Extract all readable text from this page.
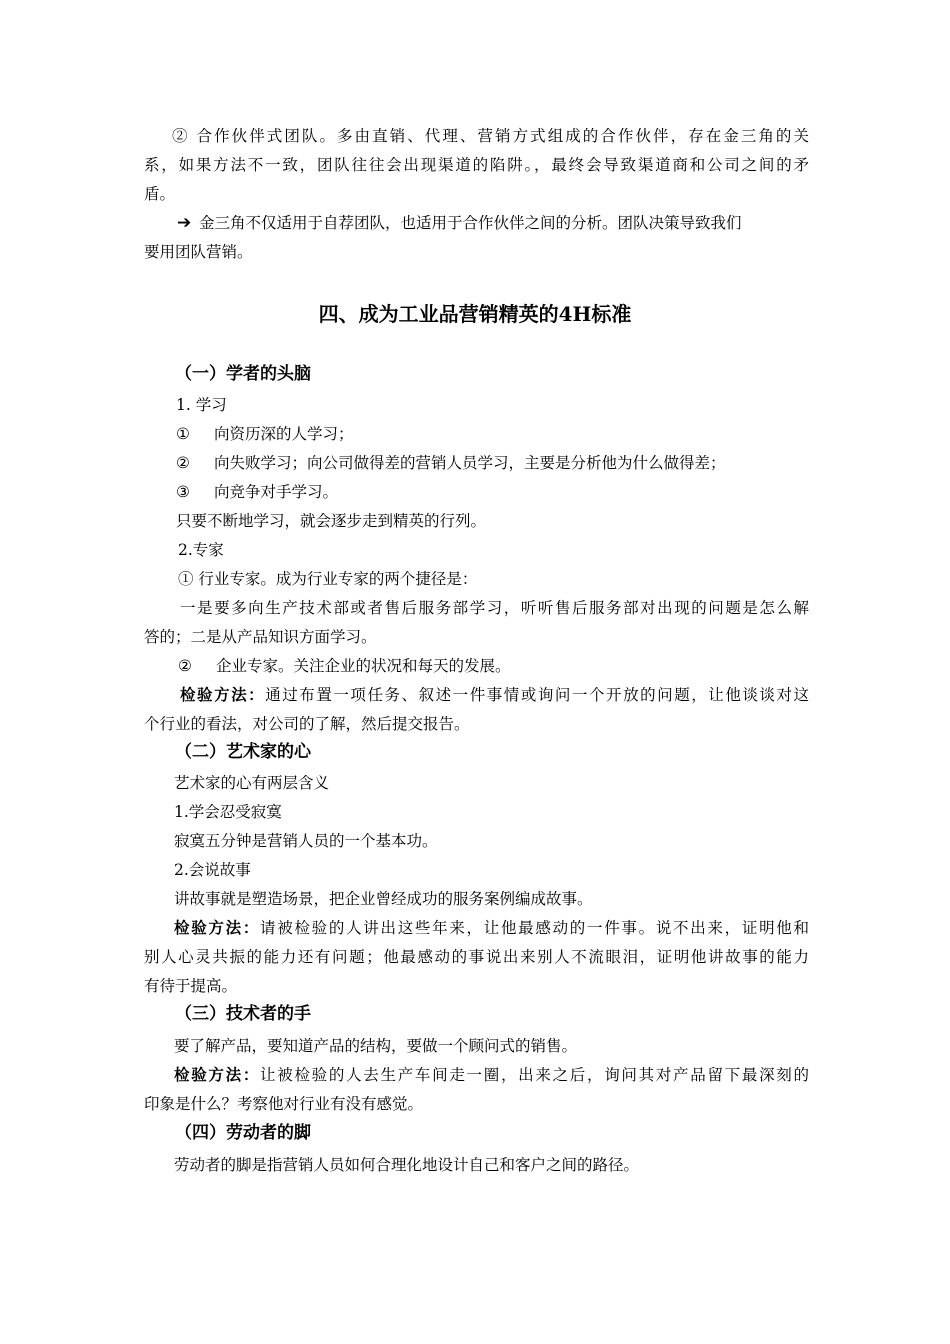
② 合作伙伴式团队。多由直销、代理、营销方式组成的合作伙伴，存在金三角的关
系，如果方法不一致，团队往往会出现渠道的陷阱。，最终会导致渠道商和公司之间的矛
盾。
➔ 金三角不仅适用于自荐团队，也适用于合作伙伴之间的分析。团队决策导致我们
要用团队营销。
四、成为工业品营销精英的4H标准
（一）学者的头脑
1. 学习
① 向资历深的人学习；
② 向失败学习；向公司做得差的营销人员学习，主要是分析他为什么做得差；
③ 向竞争对手学习。
只要不断地学习，就会逐步走到精英的行列。
2.专家
① 行业专家。成为行业专家的两个捷径是：
一是要多向生产技术部或者售后服务部学习，听听售后服务部对出现的问题是怎么解
答的；二是从产品知识方面学习。
② 企业专家。关注企业的状况和每天的发展。
检验方法：通过布置一项任务、叙述一件事情或询问一个开放的问题，让他谈谈对这
个行业的看法，对公司的了解，然后提交报告。
（二）艺术家的心
艺术家的心有两层含义
1.学会忍受寂寞
寂寞五分钟是营销人员的一个基本功。
2.会说故事
讲故事就是塑造场景，把企业曾经成功的服务案例编成故事。
检验方法：请被检验的人讲出这些年来，让他最感动的一件事。说不出来，证明他和
别人心灵共振的能力还有问题；他最感动的事说出来别人不流眼泪，证明他讲故事的能力
有待于提高。
（三）技术者的手
要了解产品，要知道产品的结构，要做一个顾问式的销售。
检验方法：让被检验的人去生产车间走一圈，出来之后，询问其对产品留下最深刻的
印象是什么？考察他对行业有没有感觉。
（四）劳动者的脚
劳动者的脚是指营销人员如何合理化地设计自己和客户之间的路径。
